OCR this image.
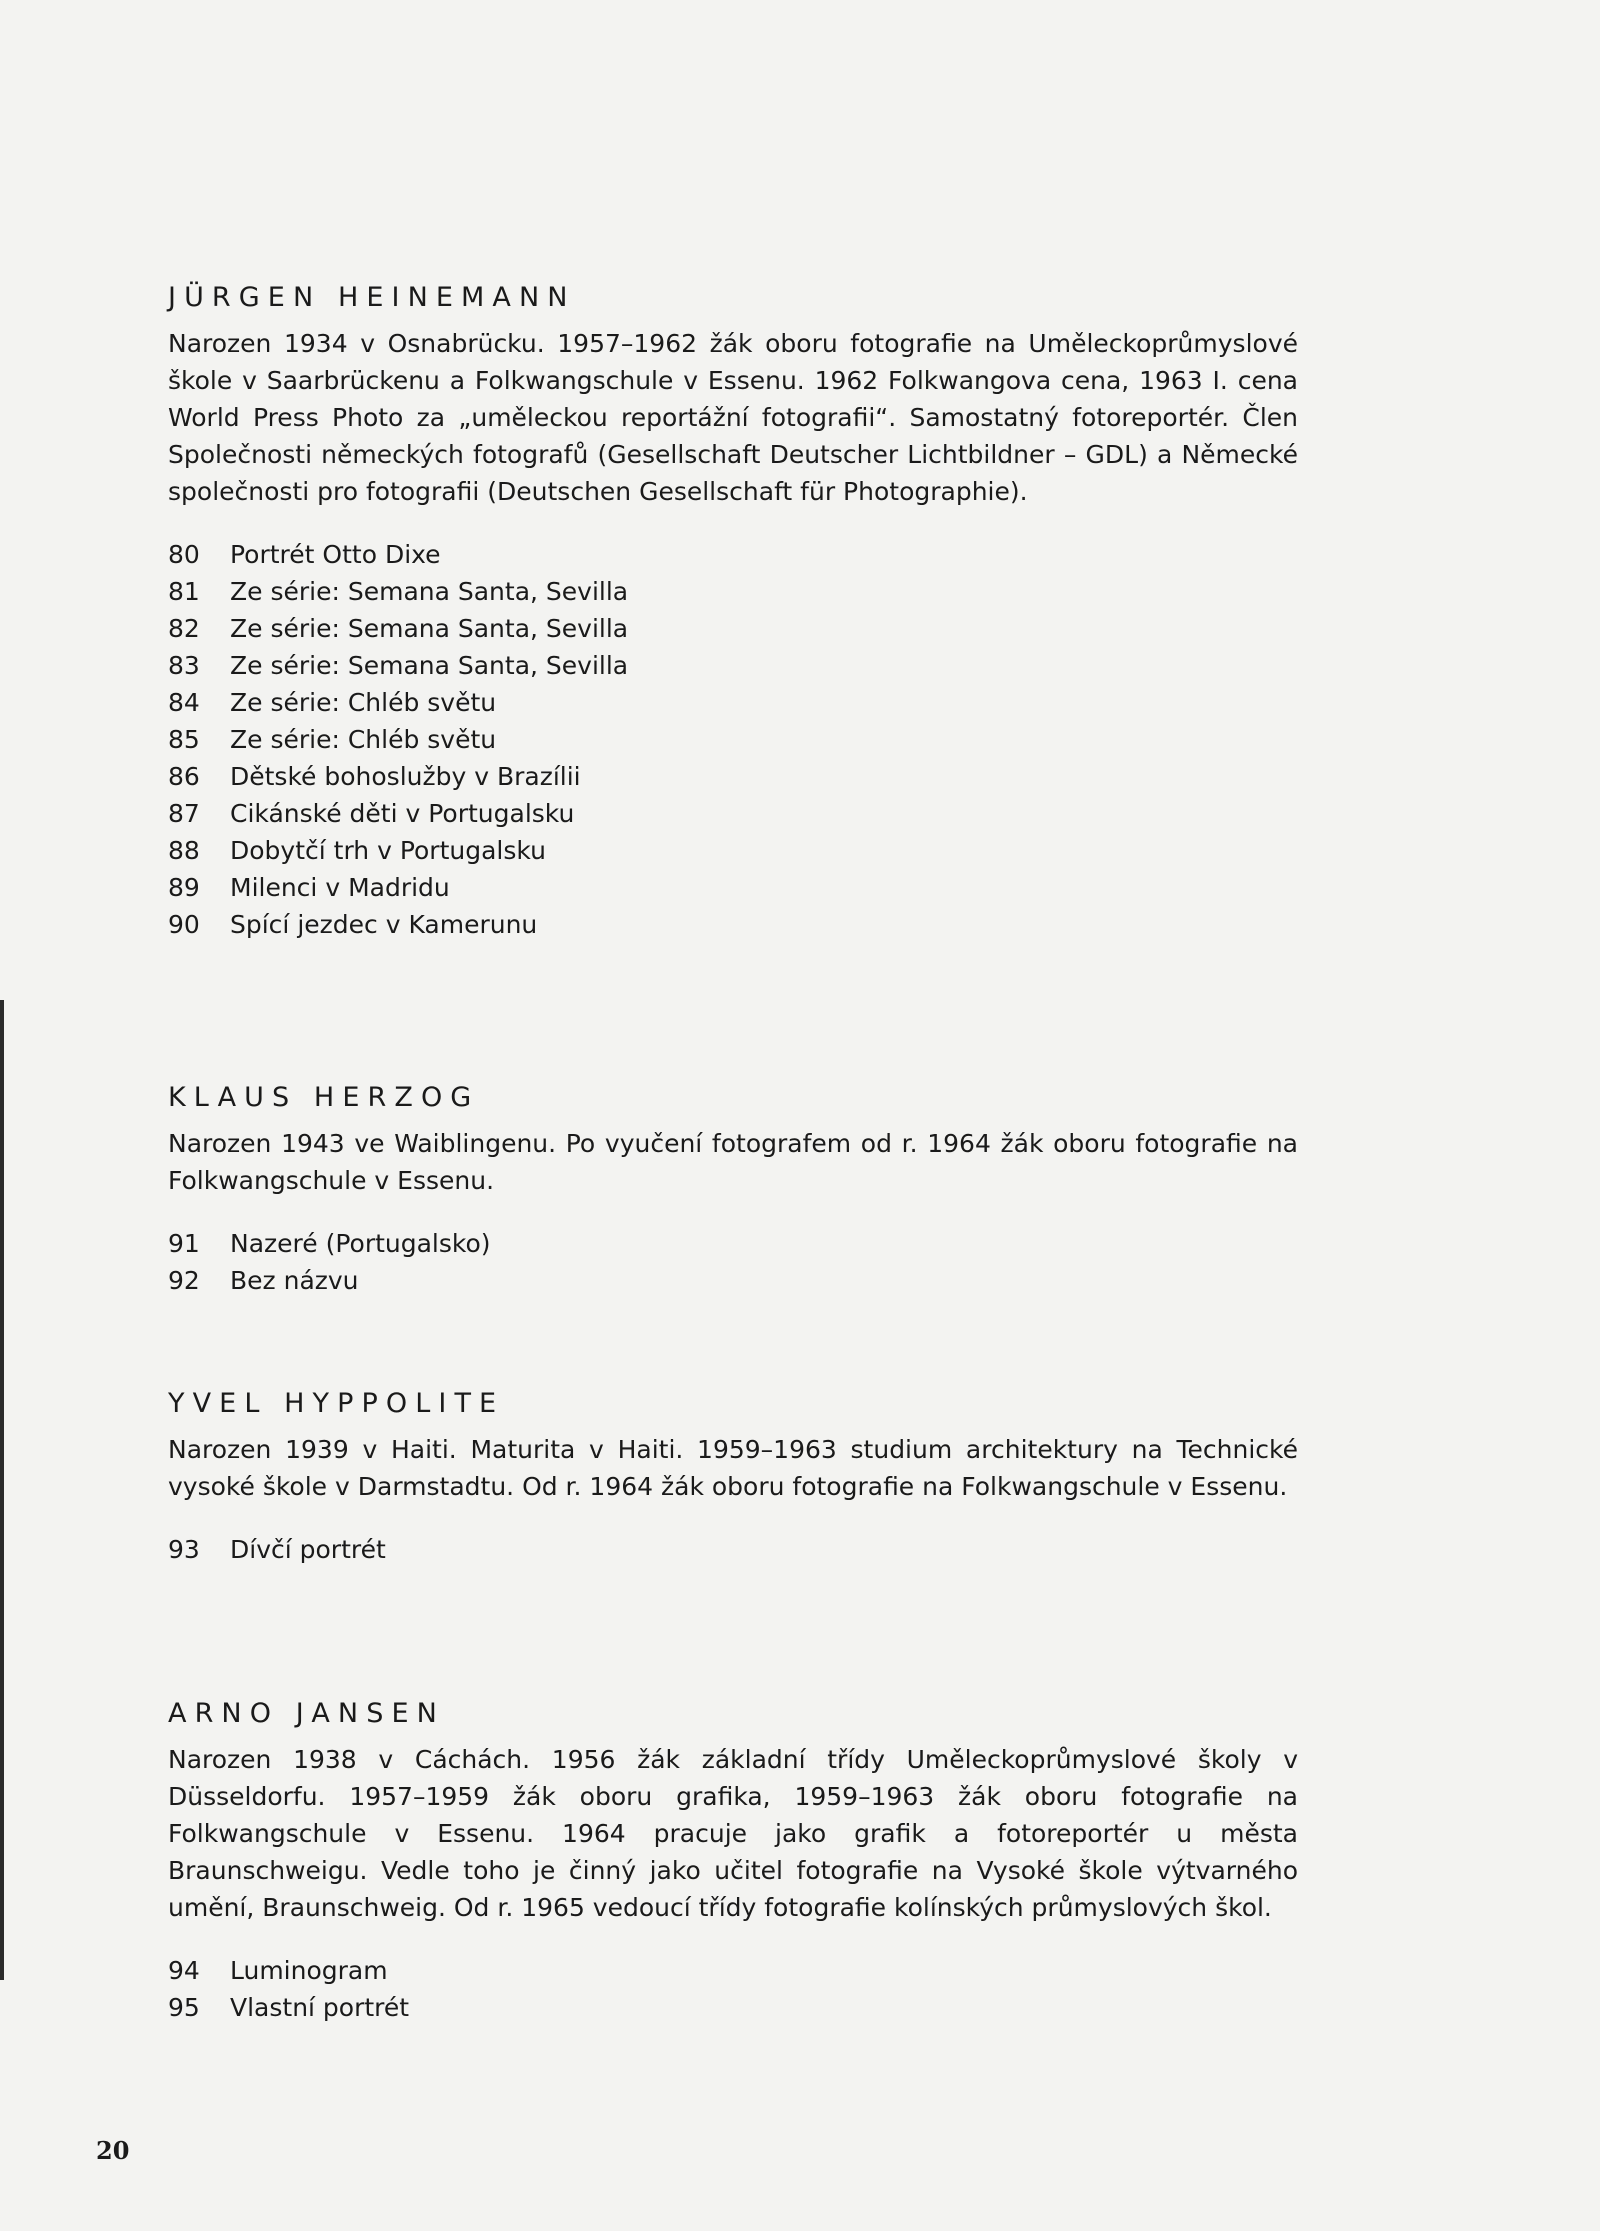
JÜRGEN HEINEMANN

Narozen 1934 v Osnabrücku. 1957–1962 žák oboru fotografie na Uměleckoprůmyslové škole v Saarbrückenu a Folkwangschule v Essenu. 1962 Folkwangova cena, 1963 I. cena World Press Photo za „uměleckou reportážní fotografii“. Samostatný fotoreportér. Člen Společnosti německých fotografů (Gesellschaft Deutscher Lichtbildner – GDL) a Německé společnosti pro fotografii (Deutschen Gesellschaft für Photographie).

80	Portrét Otto Dixe
81	Ze série: Semana Santa, Sevilla
82	Ze série: Semana Santa, Sevilla
83	Ze série: Semana Santa, Sevilla
84	Ze série: Chléb světu
85	Ze série: Chléb světu
86	Dětské bohoslužby v Brazílii
87	Cikánské děti v Portugalsku
88	Dobytčí trh v Portugalsku
89	Milenci v Madridu
90	Spící jezdec v Kamerunu
KLAUS HERZOG

Narozen 1943 ve Waiblingenu. Po vyučení fotografem od r. 1964 žák oboru fotografie na Folkwangschule v Essenu.

91	Nazeré (Portugalsko)
92	Bez názvu
YVEL HYPPOLITE

Narozen 1939 v Haiti. Maturita v Haiti. 1959–1963 studium architektury na Technické vysoké škole v Darmstadtu. Od r. 1964 žák oboru fotografie na Folkwangschule v Essenu.

93	Dívčí portrét
ARNO JANSEN

Narozen 1938 v Cáchách. 1956 žák základní třídy Uměleckoprůmyslové školy v Düsseldorfu. 1957–1959 žák oboru grafika, 1959–1963 žák oboru fotografie na Folkwangschule v Essenu. 1964 pracuje jako grafik a fotoreportér u města Braunschweigu. Vedle toho je činný jako učitel fotografie na Vysoké škole výtvarného umění, Braunschweig. Od r. 1965 vedoucí třídy fotografie kolínských průmyslových škol.

94	Luminogram
95	Vlastní portrét
20
